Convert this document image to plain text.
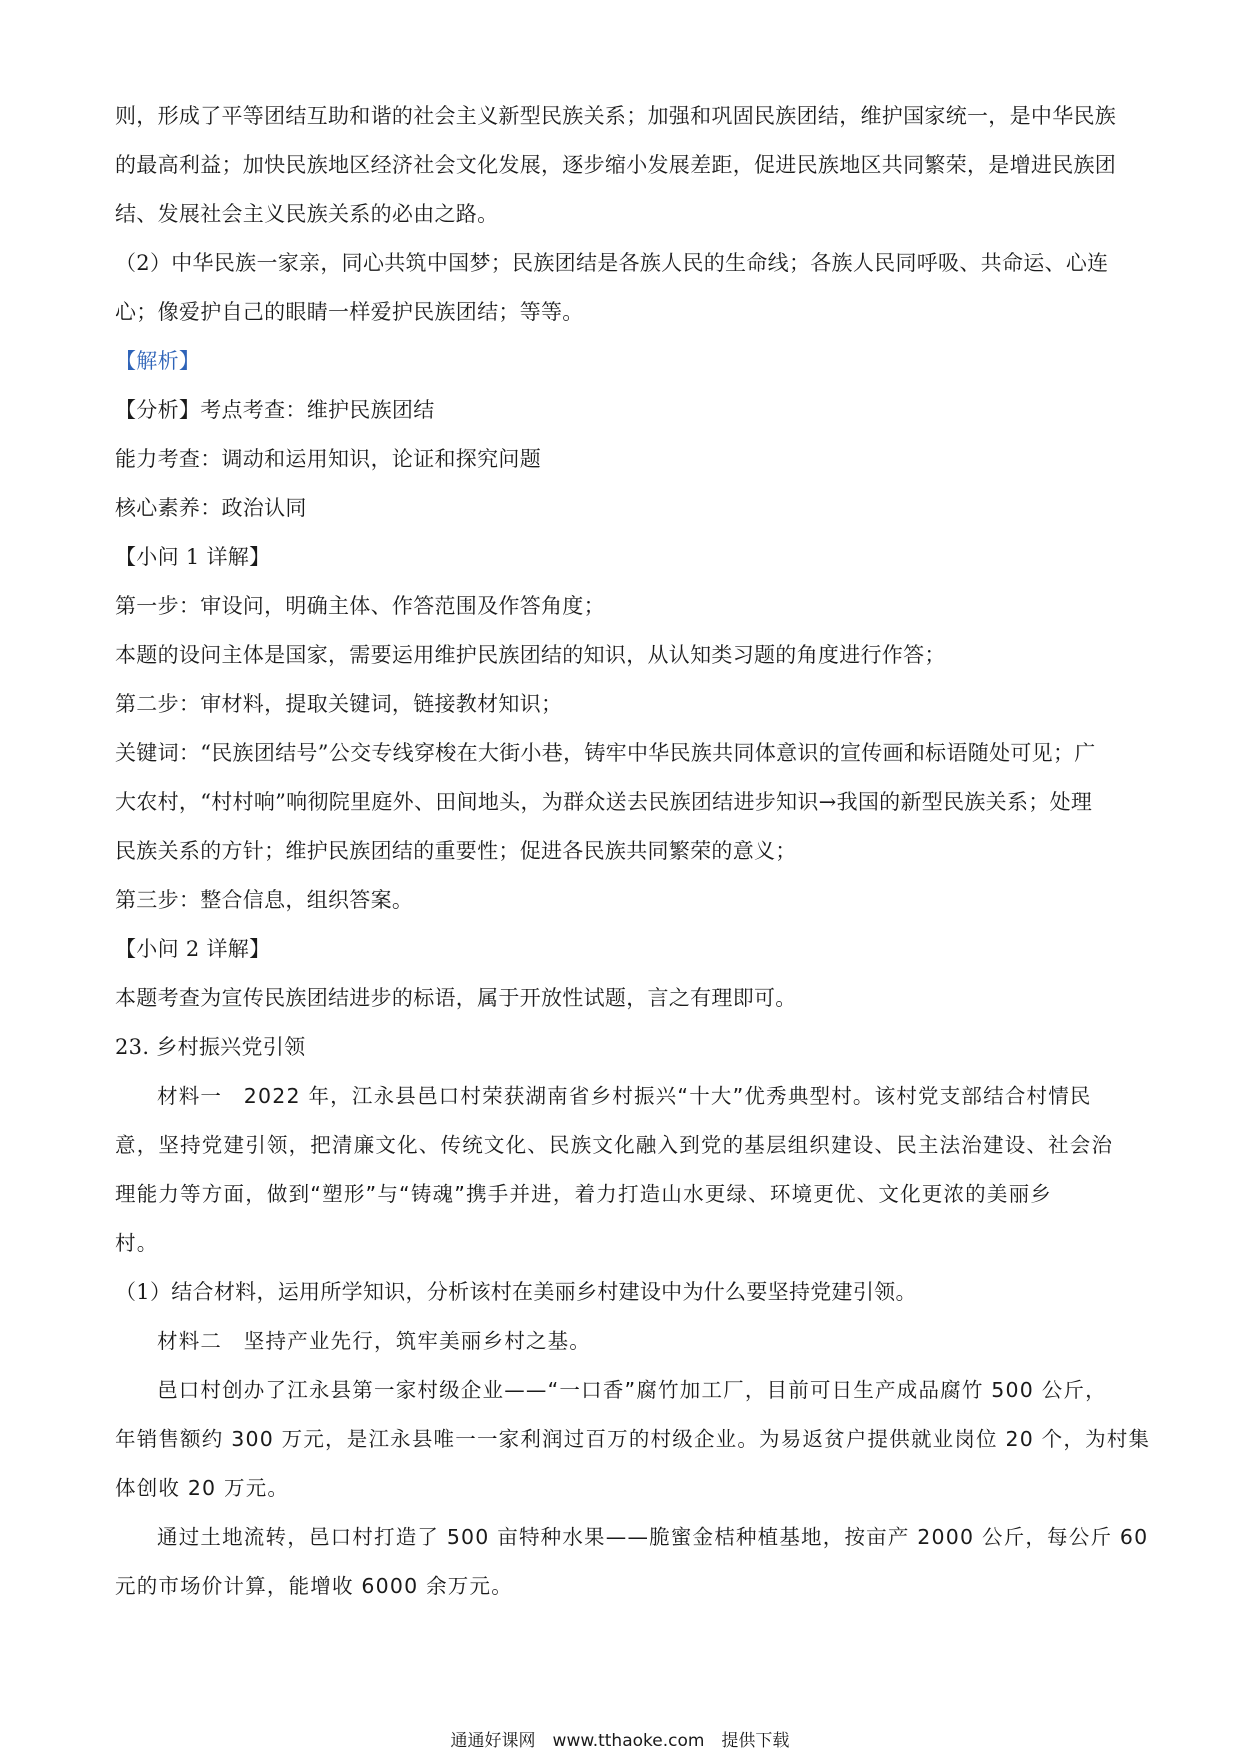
则，形成了平等团结互助和谐的社会主义新型民族关系；加强和巩固民族团结，维护国家统一，是中华民族
的最高利益；加快民族地区经济社会文化发展，逐步缩小发展差距，促进民族地区共同繁荣，是增进民族团
结、发展社会主义民族关系的必由之路。
（2）中华民族一家亲，同心共筑中国梦；民族团结是各族人民的生命线；各族人民同呼吸、共命运、心连
心；像爱护自己的眼睛一样爱护民族团结；等等。
【解析】
【分析】考点考查：维护民族团结
能力考查：调动和运用知识，论证和探究问题
核心素养：政治认同
【小问 1 详解】
第一步：审设问，明确主体、作答范围及作答角度；
本题的设问主体是国家，需要运用维护民族团结的知识，从认知类习题的角度进行作答；
第二步：审材料，提取关键词，链接教材知识；
关键词：“民族团结号”公交专线穿梭在大街小巷，铸牢中华民族共同体意识的宣传画和标语随处可见；广
大农村，“村村响”响彻院里庭外、田间地头，为群众送去民族团结进步知识→我国的新型民族关系；处理
民族关系的方针；维护民族团结的重要性；促进各民族共同繁荣的意义；
第三步：整合信息，组织答案。
【小问 2 详解】
本题考查为宣传民族团结进步的标语，属于开放性试题，言之有理即可。
23. 乡村振兴党引领
材料一　2022 年，江永县邑口村荣获湖南省乡村振兴“十大”优秀典型村。该村党支部结合村情民
意，坚持党建引领，把清廉文化、传统文化、民族文化融入到党的基层组织建设、民主法治建设、社会治
理能力等方面，做到“塑形”与“铸魂”携手并进，着力打造山水更绿、环境更优、文化更浓的美丽乡
村。
（1）结合材料，运用所学知识，分析该村在美丽乡村建设中为什么要坚持党建引领。
材料二　坚持产业先行，筑牢美丽乡村之基。
邑口村创办了江永县第一家村级企业——“一口香”腐竹加工厂，目前可日生产成品腐竹 500 公斤，
年销售额约 300 万元，是江永县唯一一家利润过百万的村级企业。为易返贫户提供就业岗位 20 个，为村集
体创收 20 万元。
通过土地流转，邑口村打造了 500 亩特种水果——脆蜜金桔种植基地，按亩产 2000 公斤，每公斤 60
元的市场价计算，能增收 6000 余万元。
通通好课网　www.tthaoke.com　提供下载
